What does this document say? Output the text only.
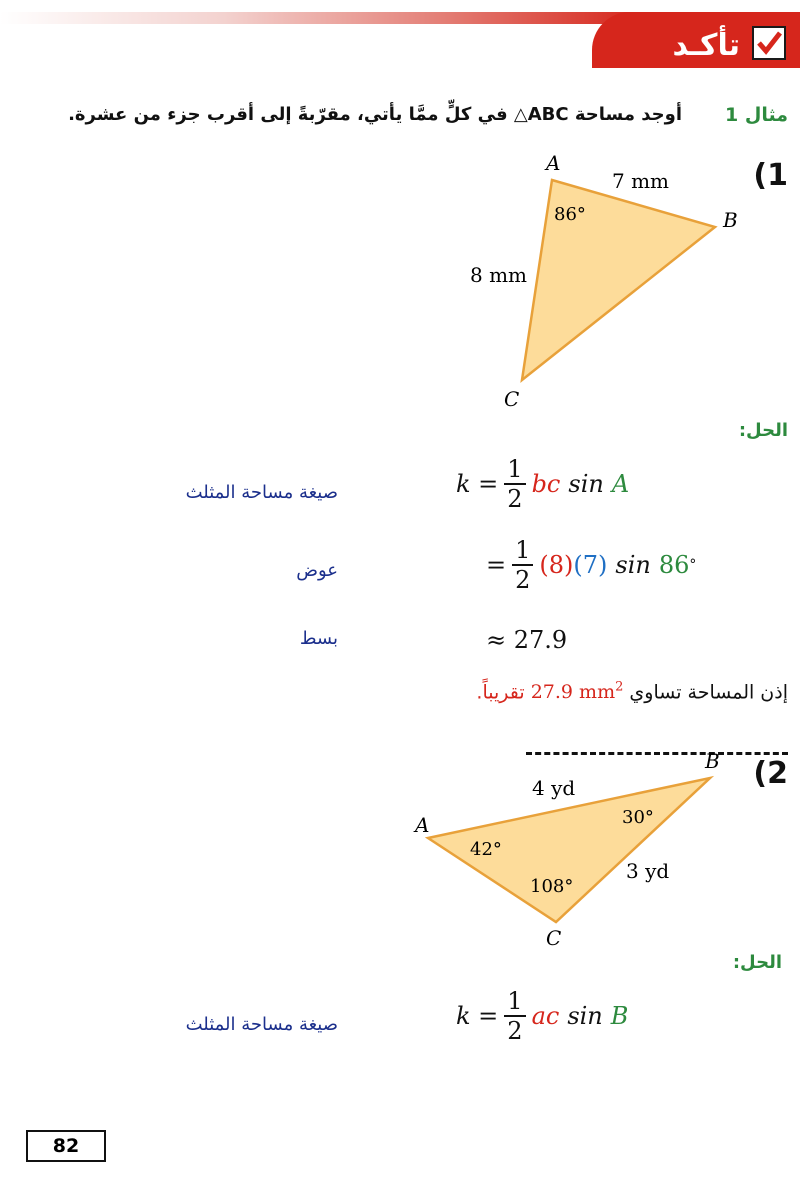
تأكـد
مثال 1
أوجد مساحة ABC△ في كلٍّ ممَّا يأتي، مقرّبةً إلى أقرب جزء من عشرة.
(1
A
B
C
7 mm
8 mm
86°
الحل:
صيغة مساحة المثلث	$k = \frac{1}{2}$ bc sin A
عوض	= $\frac{1}{2} (8)$ (7) sin 86 °
بسط	≈ 27.9
إذن المساحة تساوي 27.9 $mm^2$ تقريباً.
(2
A
B
C
4 yd
3 yd
42°
30°
108°
الحل:
صيغة مساحة المثلث	$k = \frac{1}{2}$ ac sin B
82
